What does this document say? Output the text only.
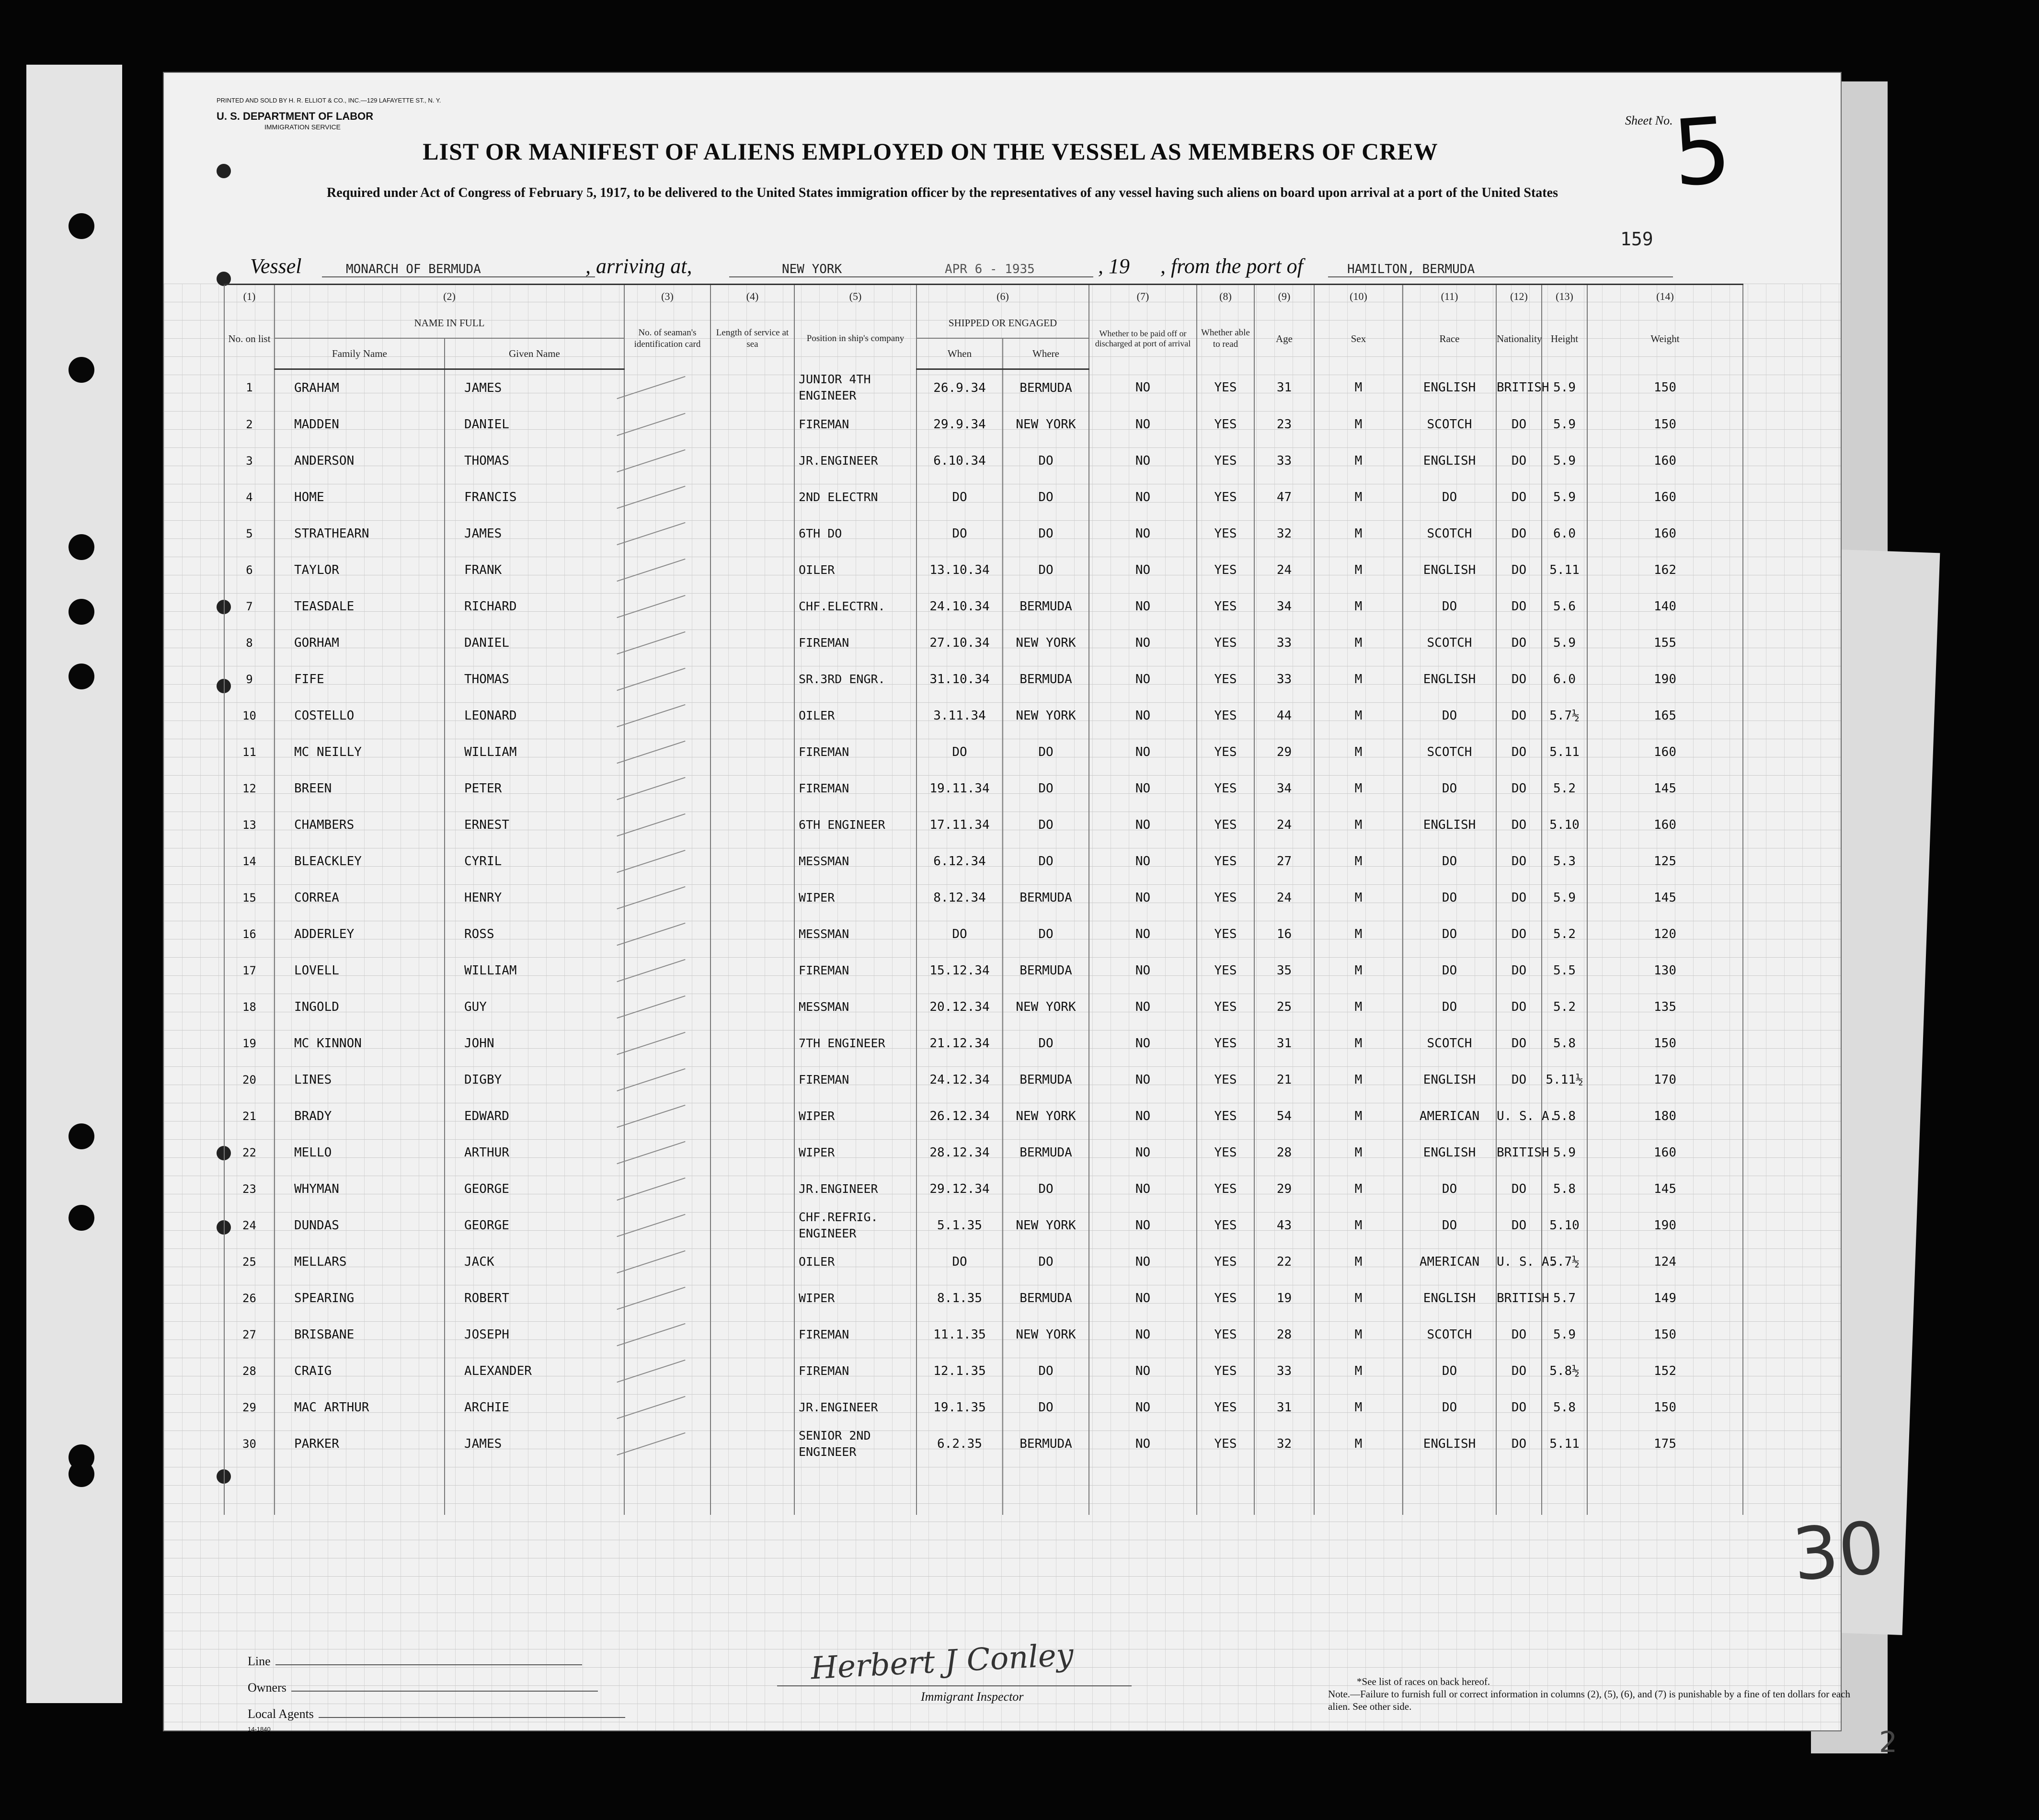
PRINTED AND SOLD BY H. R. ELLIOT & CO., INC.—129 LAFAYETTE ST., N. Y.
U. S. DEPARTMENT OF LABOR
IMMIGRATION SERVICE	Sheet No.
5
LIST OR MANIFEST OF ALIENS EMPLOYED ON THE VESSEL AS MEMBERS OF CREW
Required under Act of Congress of February 5, 1917, to be delivered to the United States immigration officer by the representatives of any vessel having such aliens on board upon arrival at a port of the United States
159
Vessel	MONARCH OF BERMUDA	, arriving at,	NEW YORK	APR 6 - 1935	, 19 , from the port of	HAMILTON, BERMUDA
(1)	(2)		(3)	(4)	(5)	(6)		(7)	(8)	(9)	(10)	(11)	(12)	(13)	(14)	
No. on list	NAME IN FULL		No. of seaman's identification card	Length of service at sea	Position in ship's company	SHIPPED OR ENGAGED		Whether to be paid off or discharged at port of arrival	Whether able to read	Age	Sex	Race	Nationality	Height	Weight	
	Family Name	Given Name				When	Where									
1	GRAHAM	JAMES			JUNIOR 4TH ENGINEER	26.9.34	BERMUDA	NO	YES	31	M	ENGLISH	BRITISH	5.9	150	
2	MADDEN	DANIEL			FIREMAN	29.9.34	NEW YORK	NO	YES	23	M	SCOTCH	DO	5.9	150	
3	ANDERSON	THOMAS			JR.ENGINEER	6.10.34	DO	NO	YES	33	M	ENGLISH	DO	5.9	160	
4	HOME	FRANCIS			2ND ELECTRN	DO	DO	NO	YES	47	M	DO	DO	5.9	160	
5	STRATHEARN	JAMES			6TH DO	DO	DO	NO	YES	32	M	SCOTCH	DO	6.0	160	
6	TAYLOR	FRANK			OILER	13.10.34	DO	NO	YES	24	M	ENGLISH	DO	5.11	162	
7	TEASDALE	RICHARD			CHF.ELECTRN.	24.10.34	BERMUDA	NO	YES	34	M	DO	DO	5.6	140	
8	GORHAM	DANIEL			FIREMAN	27.10.34	NEW YORK	NO	YES	33	M	SCOTCH	DO	5.9	155	
9	FIFE	THOMAS			SR.3RD ENGR.	31.10.34	BERMUDA	NO	YES	33	M	ENGLISH	DO	6.0	190	
10	COSTELLO	LEONARD			OILER	3.11.34	NEW YORK	NO	YES	44	M	DO	DO	5.7½	165	
11	MC NEILLY	WILLIAM			FIREMAN	DO	DO	NO	YES	29	M	SCOTCH	DO	5.11	160	
12	BREEN	PETER			FIREMAN	19.11.34	DO	NO	YES	34	M	DO	DO	5.2	145	
13	CHAMBERS	ERNEST			6TH ENGINEER	17.11.34	DO	NO	YES	24	M	ENGLISH	DO	5.10	160	
14	BLEACKLEY	CYRIL			MESSMAN	6.12.34	DO	NO	YES	27	M	DO	DO	5.3	125	
15	CORREA	HENRY			WIPER	8.12.34	BERMUDA	NO	YES	24	M	DO	DO	5.9	145	
16	ADDERLEY	ROSS			MESSMAN	DO	DO	NO	YES	16	M	DO	DO	5.2	120	
17	LOVELL	WILLIAM			FIREMAN	15.12.34	BERMUDA	NO	YES	35	M	DO	DO	5.5	130	
18	INGOLD	GUY			MESSMAN	20.12.34	NEW YORK	NO	YES	25	M	DO	DO	5.2	135	
19	MC KINNON	JOHN			7TH ENGINEER	21.12.34	DO	NO	YES	31	M	SCOTCH	DO	5.8	150	
20	LINES	DIGBY			FIREMAN	24.12.34	BERMUDA	NO	YES	21	M	ENGLISH	DO	5.11½	170	
21	BRADY	EDWARD			WIPER	26.12.34	NEW YORK	NO	YES	54	M	AMERICAN	U. S. A.	5.8	180	
22	MELLO	ARTHUR			WIPER	28.12.34	BERMUDA	NO	YES	28	M	ENGLISH	BRITISH	5.9	160	
23	WHYMAN	GEORGE			JR.ENGINEER	29.12.34	DO	NO	YES	29	M	DO	DO	5.8	145	
24	DUNDAS	GEORGE			CHF.REFRIG. ENGINEER	5.1.35	NEW YORK	NO	YES	43	M	DO	DO	5.10	190	
25	MELLARS	JACK			OILER	DO	DO	NO	YES	22	M	AMERICAN	U. S. A.	5.7½	124	
26	SPEARING	ROBERT			WIPER	8.1.35	BERMUDA	NO	YES	19	M	ENGLISH	BRITISH	5.7	149	
27	BRISBANE	JOSEPH			FIREMAN	11.1.35	NEW YORK	NO	YES	28	M	SCOTCH	DO	5.9	150	
28	CRAIG	ALEXANDER			FIREMAN	12.1.35	DO	NO	YES	33	M	DO	DO	5.8½	152	
29	MAC ARTHUR	ARCHIE			JR.ENGINEER	19.1.35	DO	NO	YES	31	M	DO	DO	5.8	150	
30	PARKER	JAMES			SENIOR 2ND ENGINEER	6.2.35	BERMUDA	NO	YES	32	M	ENGLISH	DO	5.11	175	

Line
Owners
Local Agents
14-1840
Herbert J Conley
Immigrant Inspector
*See list of races on back hereof.
Note.—Failure to furnish full or correct information in columns (2), (5), (6), and (7) is punishable by a fine of ten dollars for each alien. See other side.
30
2
